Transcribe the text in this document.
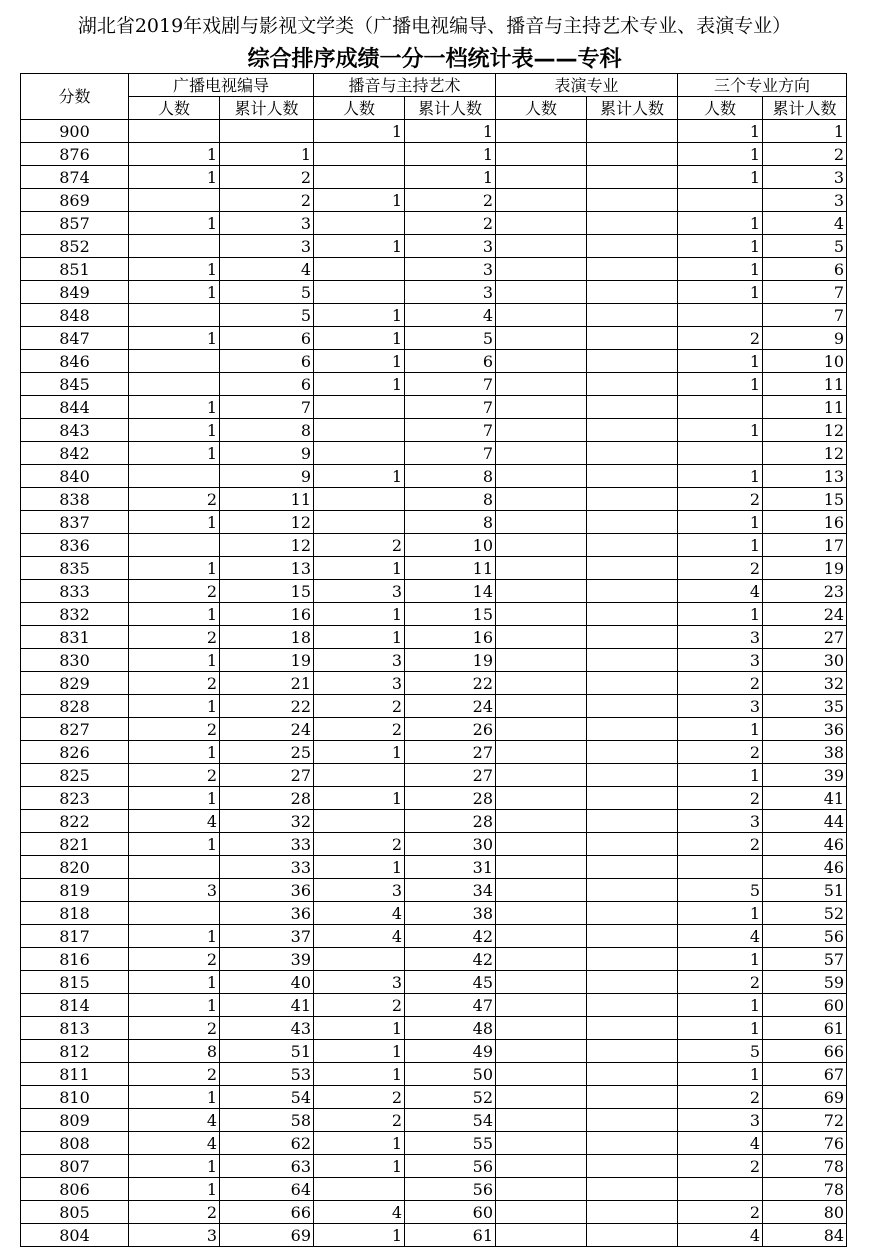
湖北省2019年戏剧与影视文学类（广播电视编导、播音与主持艺术专业、表演专业）
综合排序成绩一分一档统计表——专科
分数	广播电视编导		播音与主持艺术		表演专业		三个专业方向	
	人数	累计人数	人数	累计人数	人数	累计人数	人数	累计人数
900			1	1			1	1
876	1	1		1			1	2
874	1	2		1			1	3
869		2	1	2				3
857	1	3		2			1	4
852		3	1	3			1	5
851	1	4		3			1	6
849	1	5		3			1	7
848		5	1	4				7
847	1	6	1	5			2	9
846		6	1	6			1	10
845		6	1	7			1	11
844	1	7		7				11
843	1	8		7			1	12
842	1	9		7				12
840		9	1	8			1	13
838	2	11		8			2	15
837	1	12		8			1	16
836		12	2	10			1	17
835	1	13	1	11			2	19
833	2	15	3	14			4	23
832	1	16	1	15			1	24
831	2	18	1	16			3	27
830	1	19	3	19			3	30
829	2	21	3	22			2	32
828	1	22	2	24			3	35
827	2	24	2	26			1	36
826	1	25	1	27			2	38
825	2	27		27			1	39
823	1	28	1	28			2	41
822	4	32		28			3	44
821	1	33	2	30			2	46
820		33	1	31				46
819	3	36	3	34			5	51
818		36	4	38			1	52
817	1	37	4	42			4	56
816	2	39		42			1	57
815	1	40	3	45			2	59
814	1	41	2	47			1	60
813	2	43	1	48			1	61
812	8	51	1	49			5	66
811	2	53	1	50			1	67
810	1	54	2	52			2	69
809	4	58	2	54			3	72
808	4	62	1	55			4	76
807	1	63	1	56			2	78
806	1	64		56				78
805	2	66	4	60			2	80
804	3	69	1	61			4	84
